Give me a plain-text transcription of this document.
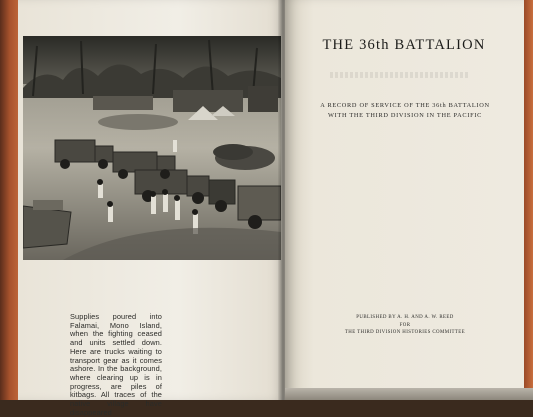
Supplies poured into Falamai, Mono Island, when the fighting ceased and units settled down. Here are trucks waiting to transport gear as it comes ashore. In the background, where clearing up is in progress, are piles of kitbags. All traces of the native village have disappeared
THE 36th BATTALION
A RECORD OF SERVICE OF THE 36th BATTALION
WITH THE THIRD DIVISION IN THE PACIFIC
PUBLISHED BY A. H. AND A. W. REED
FOR
THE THIRD DIVISION HISTORIES COMMITTEE
